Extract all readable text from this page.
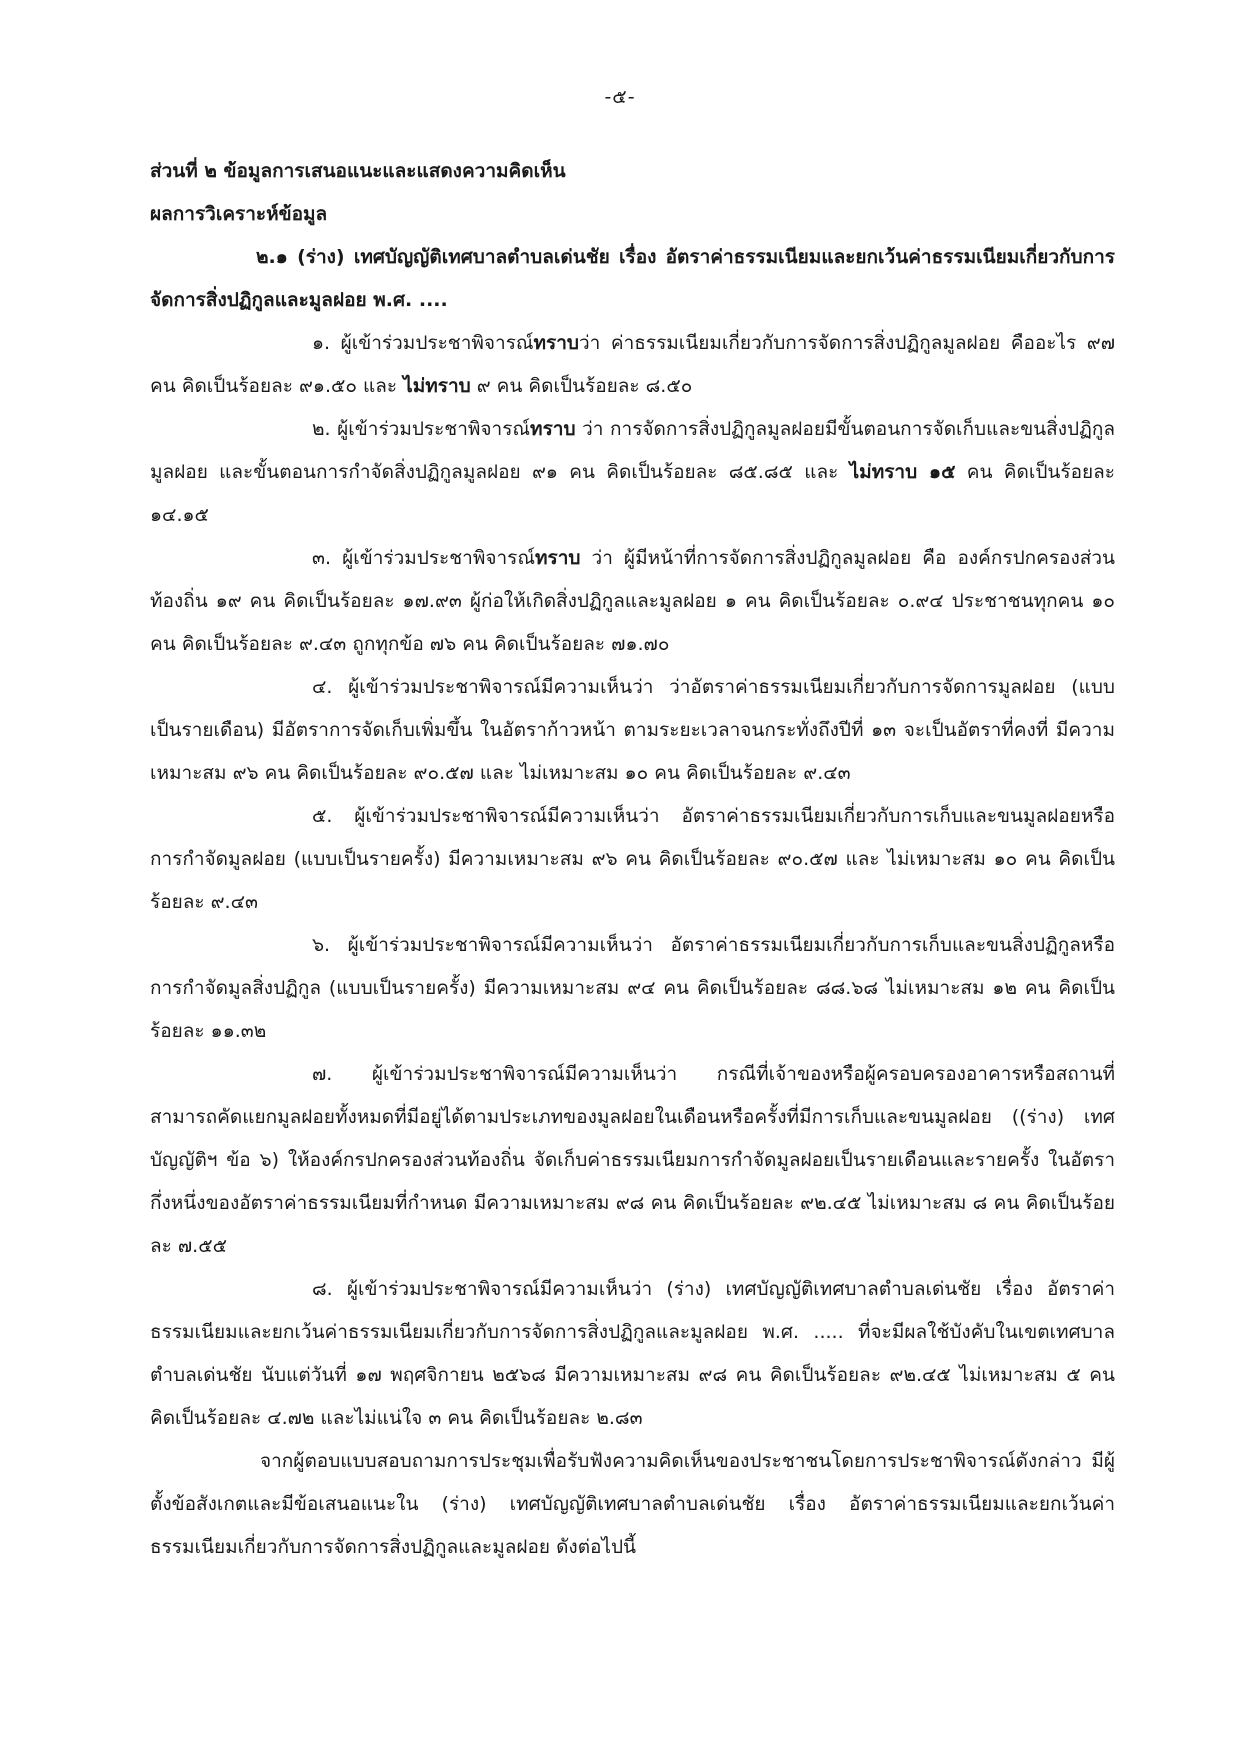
-๕-

ส่วนที่ ๒ ข้อมูลการเสนอแนะและแสดงความคิดเห็น

ผลการวิเคราะห์ข้อมูล

๒.๑ (ร่าง) เทศบัญญัติเทศบาลตำบลเด่นชัย เรื่อง อัตราค่าธรรมเนียมและยกเว้นค่าธรรมเนียมเกี่ยวกับการจัดการสิ่งปฏิกูลและมูลฝอย พ.ศ. ....

๑. ผู้เข้าร่วมประชาพิจารณ์ทราบว่า ค่าธรรมเนียมเกี่ยวกับการจัดการสิ่งปฏิกูลมูลฝอย คืออะไร ๙๗ คน คิดเป็นร้อยละ ๙๑.๕๐ และ ไม่ทราบ ๙ คน คิดเป็นร้อยละ ๘.๕๐

๒. ผู้เข้าร่วมประชาพิจารณ์ทราบ ว่า การจัดการสิ่งปฏิกูลมูลฝอยมีขั้นตอนการจัดเก็บและขนสิ่งปฏิกูลมูลฝอย และขั้นตอนการกำจัดสิ่งปฏิกูลมูลฝอย ๙๑ คน คิดเป็นร้อยละ ๘๕.๘๕ และ ไม่ทราบ ๑๕ คน คิดเป็นร้อยละ ๑๔.๑๕

๓. ผู้เข้าร่วมประชาพิจารณ์ทราบ ว่า ผู้มีหน้าที่การจัดการสิ่งปฏิกูลมูลฝอย คือ องค์กรปกครองส่วนท้องถิ่น ๑๙ คน คิดเป็นร้อยละ ๑๗.๙๓ ผู้ก่อให้เกิดสิ่งปฏิกูลและมูลฝอย ๑ คน คิดเป็นร้อยละ ๐.๙๔ ประชาชนทุกคน ๑๐ คน คิดเป็นร้อยละ ๙.๔๓ ถูกทุกข้อ ๗๖ คน คิดเป็นร้อยละ ๗๑.๗๐

๔. ผู้เข้าร่วมประชาพิจารณ์มีความเห็นว่า ว่าอัตราค่าธรรมเนียมเกี่ยวกับการจัดการมูลฝอย (แบบเป็นรายเดือน) มีอัตราการจัดเก็บเพิ่มขึ้น ในอัตราก้าวหน้า ตามระยะเวลาจนกระทั่งถึงปีที่ ๑๓ จะเป็นอัตราที่คงที่ มีความเหมาะสม ๙๖ คน คิดเป็นร้อยละ ๙๐.๕๗ และ ไม่เหมาะสม ๑๐ คน คิดเป็นร้อยละ ๙.๔๓

๕. ผู้เข้าร่วมประชาพิจารณ์มีความเห็นว่า อัตราค่าธรรมเนียมเกี่ยวกับการเก็บและขนมูลฝอยหรือการกำจัดมูลฝอย (แบบเป็นรายครั้ง) มีความเหมาะสม ๙๖ คน คิดเป็นร้อยละ ๙๐.๕๗ และ ไม่เหมาะสม ๑๐ คน คิดเป็นร้อยละ ๙.๔๓

๖. ผู้เข้าร่วมประชาพิจารณ์มีความเห็นว่า อัตราค่าธรรมเนียมเกี่ยวกับการเก็บและขนสิ่งปฏิกูลหรือการกำจัดมูลสิ่งปฏิกูล (แบบเป็นรายครั้ง) มีความเหมาะสม ๙๔ คน คิดเป็นร้อยละ ๘๘.๖๘ ไม่เหมาะสม ๑๒ คน คิดเป็นร้อยละ ๑๑.๓๒

๗. ผู้เข้าร่วมประชาพิจารณ์มีความเห็นว่า กรณีที่เจ้าของหรือผู้ครอบครองอาคารหรือสถานที่สามารถคัดแยกมูลฝอยทั้งหมดที่มีอยู่ได้ตามประเภทของมูลฝอยในเดือนหรือครั้งที่มีการเก็บและขนมูลฝอย ((ร่าง) เทศบัญญัติฯ ข้อ ๖) ให้องค์กรปกครองส่วนท้องถิ่น จัดเก็บค่าธรรมเนียมการกำจัดมูลฝอยเป็นรายเดือนและรายครั้ง ในอัตรากึ่งหนึ่งของอัตราค่าธรรมเนียมที่กำหนด มีความเหมาะสม ๙๘ คน คิดเป็นร้อยละ ๙๒.๔๕ ไม่เหมาะสม ๘ คน คิดเป็นร้อยละ ๗.๕๕

๘. ผู้เข้าร่วมประชาพิจารณ์มีความเห็นว่า (ร่าง) เทศบัญญัติเทศบาลตำบลเด่นชัย เรื่อง อัตราค่าธรรมเนียมและยกเว้นค่าธรรมเนียมเกี่ยวกับการจัดการสิ่งปฏิกูลและมูลฝอย พ.ศ. ..... ที่จะมีผลใช้บังคับในเขตเทศบาลตำบลเด่นชัย นับแต่วันที่ ๑๗ พฤศจิกายน ๒๕๖๘ มีความเหมาะสม ๙๘ คน คิดเป็นร้อยละ ๙๒.๔๕ ไม่เหมาะสม ๕ คน คิดเป็นร้อยละ ๔.๗๒ และไม่แน่ใจ ๓ คน คิดเป็นร้อยละ ๒.๘๓

จากผู้ตอบแบบสอบถามการประชุมเพื่อรับฟังความคิดเห็นของประชาชนโดยการประชาพิจารณ์ดังกล่าว มีผู้ตั้งข้อสังเกตและมีข้อเสนอแนะใน (ร่าง) เทศบัญญัติเทศบาลตำบลเด่นชัย เรื่อง อัตราค่าธรรมเนียมและยกเว้นค่าธรรมเนียมเกี่ยวกับการจัดการสิ่งปฏิกูลและมูลฝอย ดังต่อไปนี้
